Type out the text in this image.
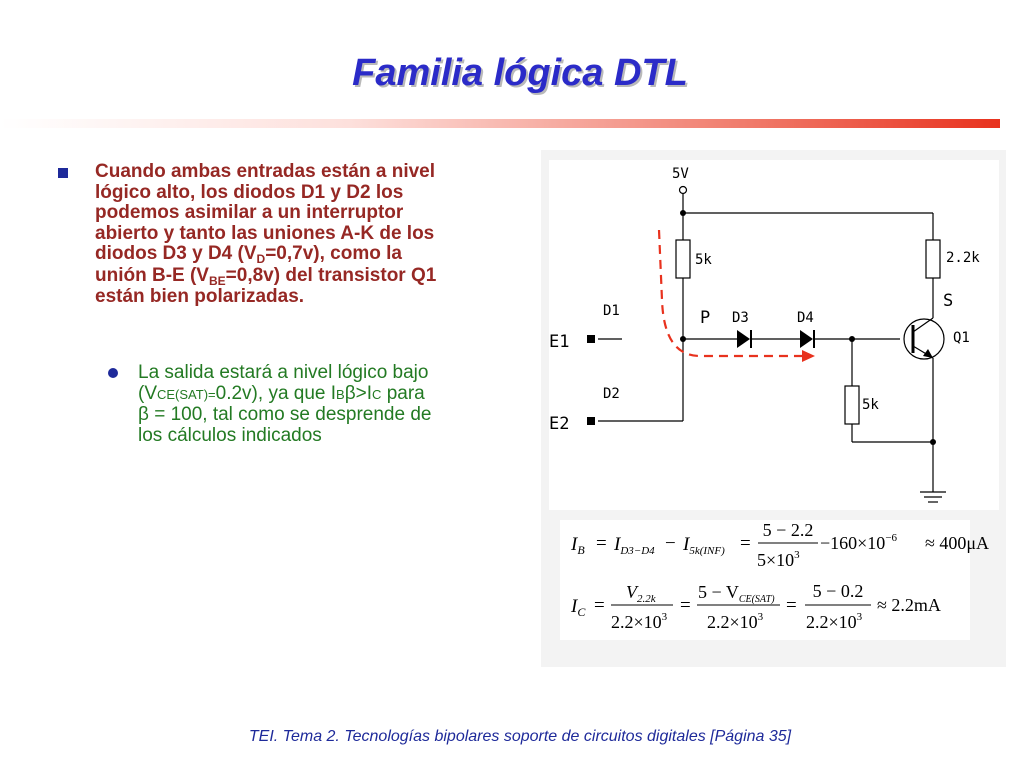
Familia lógica DTL
Cuando ambas entradas están a nivel lógico alto, los diodos D1 y D2 los podemos asimilar a un interruptor abierto y tanto las uniones A-K de los diodos D3 y D4 $(V_D=0,7v)$, como la unión B-E $(V_{BE}=0,8v)$ del transistor Q1 están bien polarizadas.
La salida estará a nivel lógico bajo (VCE(SAT)=0.2v), ya que IBβ>IC para β = 100, tal como se desprende de los cálculos indicados
5V
5k	2.2k
5k
D1
D2
D3	D4
Q1
P
S
E1
E2
$I_B = I_{D3-D4} - I_{5k(INF)}$ =
5 − 2.2
$5\times 10^3$
$-160\times 10^{-6} \approx 400\mu A$
$I_C$ =
$V_{2.2k}$
$2.2\times 10^3$
=
$5 - V_{CE(SAT)}$
$2.2\times 10^3$
=
5 − 0.2
$2.2\times 10^3$
≈ 2.2mA
TEI. Tema 2. Tecnologías bipolares soporte de circuitos digitales [Página 35]
